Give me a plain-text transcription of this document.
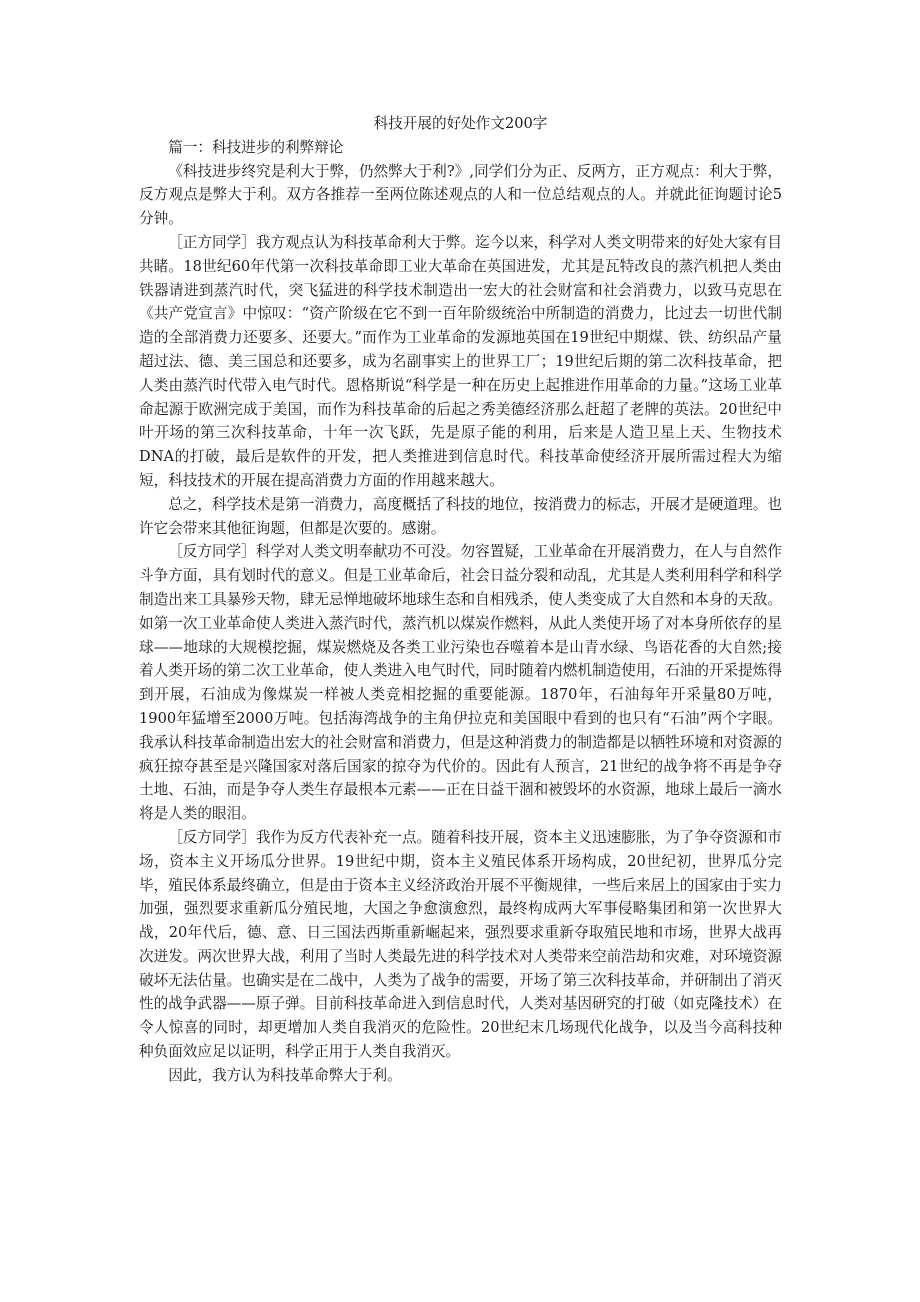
科技开展的好处作文200字

篇一：科技进步的利弊辩论

《科技进步终究是利大于弊，仍然弊大于利?》,同学们分为正、反两方，正方观点：利大于弊，反方观点是弊大于利。双方各推荐一至两位陈述观点的人和一位总结观点的人。并就此征询题讨论5分钟。

［正方同学］我方观点认为科技革命利大于弊。迄今以来，科学对人类文明带来的好处大家有目共睹。18世纪60年代第一次科技革命即工业大革命在英国进发，尤其是瓦特改良的蒸汽机把人类由铁器请进到蒸汽时代，突飞猛进的科学技术制造出一宏大的社会财富和社会消费力，以致马克思在《共产党宣言》中惊叹：“资产阶级在它不到一百年阶级统治中所制造的消费力，比过去一切世代制造的全部消费力还要多、还要大。”而作为工业革命的发源地英国在19世纪中期煤、铁、纺织品产量超过法、德、美三国总和还要多，成为名副事实上的世界工厂；19世纪后期的第二次科技革命，把人类由蒸汽时代带入电气时代。恩格斯说“科学是一种在历史上起推进作用革命的力量。”这场工业革命起源于欧洲完成于美国，而作为科技革命的后起之秀美德经济那么赶超了老牌的英法。20世纪中叶开场的第三次科技革命，十年一次飞跃，先是原子能的利用，后来是人造卫星上天、生物技术DNA的打破，最后是软件的开发，把人类推进到信息时代。科技革命使经济开展所需过程大为缩短，科技技术的开展在提高消费力方面的作用越来越大。

总之，科学技术是第一消费力，高度概括了科技的地位，按消费力的标志，开展才是硬道理。也许它会带来其他征询题，但都是次要的。感谢。

［反方同学］科学对人类文明奉献功不可没。勿容置疑，工业革命在开展消费力，在人与自然作斗争方面，具有划时代的意义。但是工业革命后，社会日益分裂和动乱，尤其是人类利用科学和科学制造出来工具暴殄天物，肆无忌惮地破坏地球生态和自相残杀，使人类变成了大自然和本身的天敌。如第一次工业革命使人类进入蒸汽时代，蒸汽机以煤炭作燃料，从此人类使开场了对本身所依存的星球——地球的大规模挖掘，煤炭燃烧及各类工业污染也吞噬着本是山青水绿、鸟语花香的大自然;接着人类开场的第二次工业革命，使人类进入电气时代，同时随着内燃机制造使用，石油的开采提炼得到开展，石油成为像煤炭一样被人类竞相挖掘的重要能源。1870年，石油每年开采量80万吨，1900年猛增至2000万吨。包括海湾战争的主角伊拉克和美国眼中看到的也只有“石油”两个字眼。我承认科技革命制造出宏大的社会财富和消费力，但是这种消费力的制造都是以牺牲环境和对资源的疯狂掠夺甚至是兴隆国家对落后国家的掠夺为代价的。因此有人预言，21世纪的战争将不再是争夺土地、石油，而是争夺人类生存最根本元素——正在日益干涸和被毁坏的水资源，地球上最后一滴水将是人类的眼泪。

［反方同学］我作为反方代表补充一点。随着科技开展，资本主义迅速膨胀，为了争夺资源和市场，资本主义开场瓜分世界。19世纪中期，资本主义殖民体系开场构成，20世纪初，世界瓜分完毕，殖民体系最终确立，但是由于资本主义经济政治开展不平衡规律，一些后来居上的国家由于实力加强，强烈要求重新瓜分殖民地，大国之争愈演愈烈，最终构成两大军事侵略集团和第一次世界大战，20年代后，德、意、日三国法西斯重新崛起来，强烈要求重新夺取殖民地和市场，世界大战再次迸发。两次世界大战，利用了当时人类最先进的科学技术对人类带来空前浩劫和灾难，对环境资源破坏无法估量。也确实是在二战中，人类为了战争的需要，开场了第三次科技革命，并研制出了消灭性的战争武器——原子弹。目前科技革命进入到信息时代，人类对基因研究的打破（如克隆技术）在令人惊喜的同时，却更增加人类自我消灭的危险性。20世纪末几场现代化战争，以及当今高科技种种负面效应足以证明，科学正用于人类自我消灭。

因此，我方认为科技革命弊大于利。
